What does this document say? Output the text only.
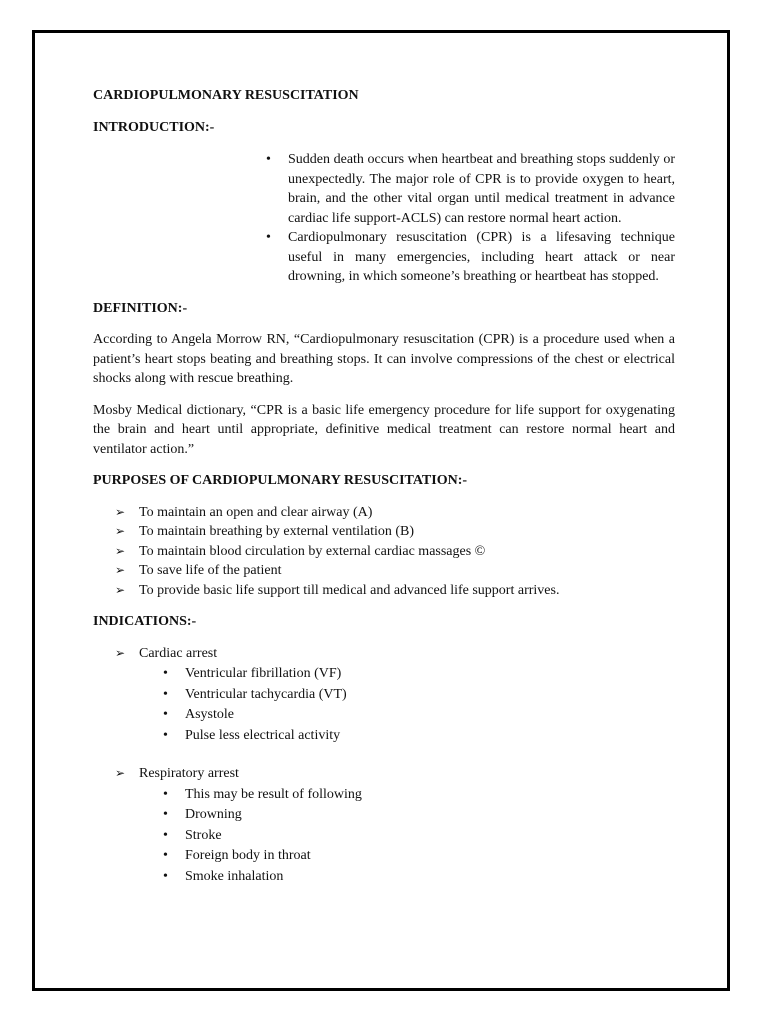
CARDIOPULMONARY RESUSCITATION
INTRODUCTION:-
• Sudden death occurs when heartbeat and breathing stops suddenly or unexpectedly. The major role of CPR is to provide oxygen to heart, brain, and the other vital organ until medical treatment in advance cardiac life support-ACLS) can restore normal heart action.
• Cardiopulmonary resuscitation (CPR) is a lifesaving technique useful in many emergencies, including heart attack or near drowning, in which someone’s breathing or heartbeat has stopped.
DEFINITION:-

According to Angela Morrow RN, “Cardiopulmonary resuscitation (CPR) is a procedure used when a patient’s heart stops beating and breathing stops. It can involve compressions of the chest or electrical shocks along with rescue breathing.

Mosby Medical dictionary, “CPR is a basic life emergency procedure for life support for oxygenating the brain and heart until appropriate, definitive medical treatment can restore normal heart and ventilator action.”

PURPOSES OF CARDIOPULMONARY RESUSCITATION:-
➢ To maintain an open and clear airway (A)
➢ To maintain breathing by external ventilation (B)
➢ To maintain blood circulation by external cardiac massages ©
➢ To save life of the patient
➢ To provide basic life support till medical and advanced life support arrives.
INDICATIONS:-
➢ Cardiac arrest
• Ventricular fibrillation (VF)
• Ventricular tachycardia (VT)
• Asystole
• Pulse less electrical activity
➢ Respiratory arrest
• This may be result of following
• Drowning
• Stroke
• Foreign body in throat
• Smoke inhalation
